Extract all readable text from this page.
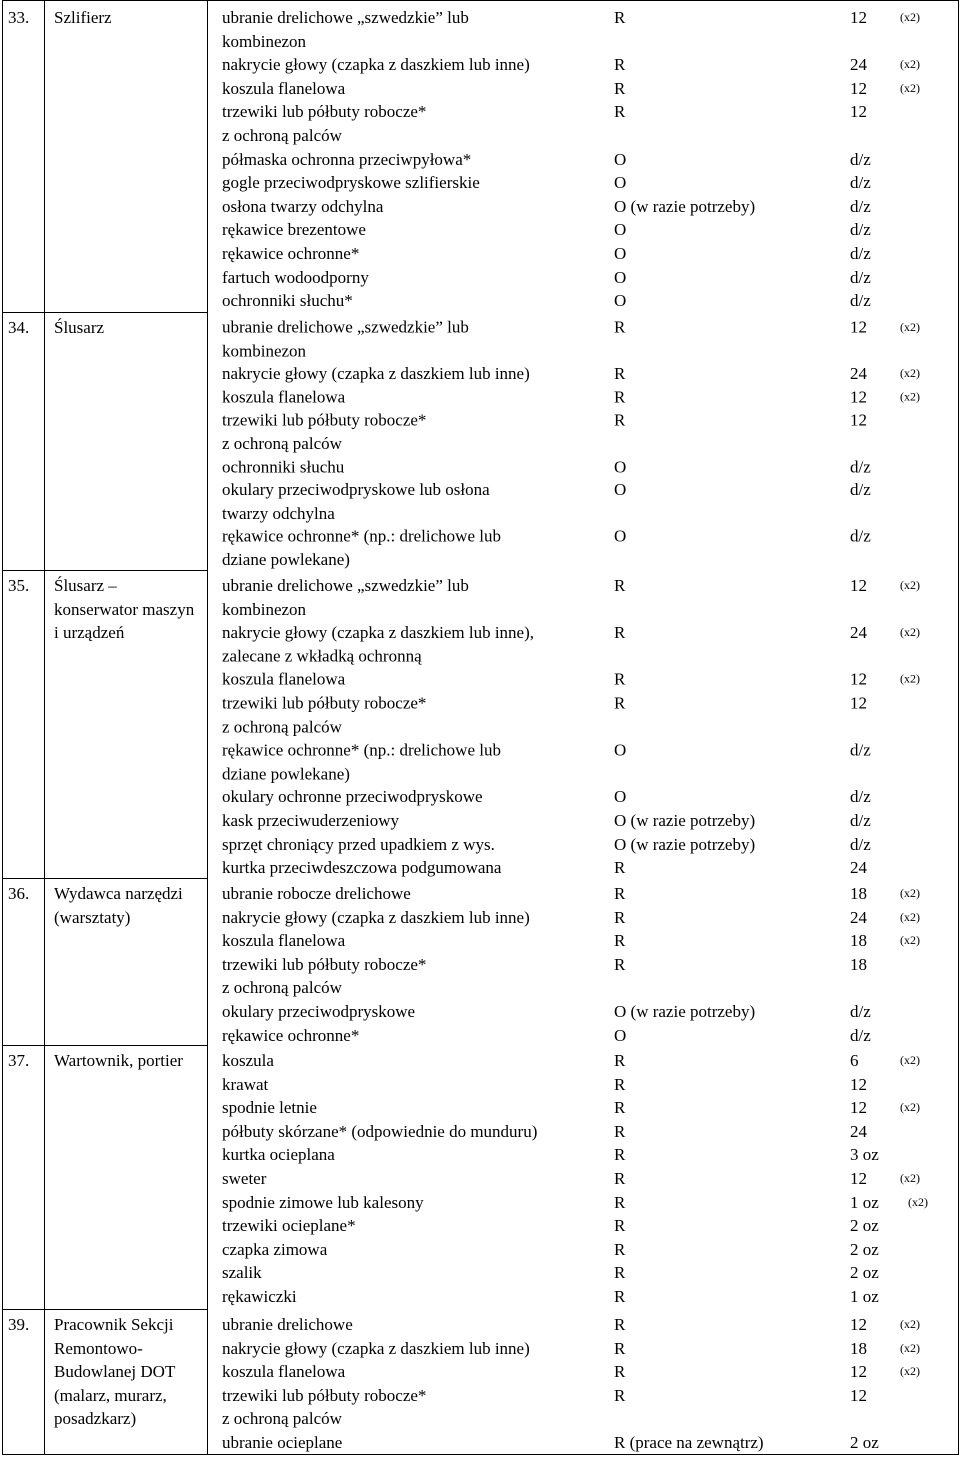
33. Szlifierz	ubranie drelichowe „szwedzkie” lub
kombinezon
R	12	(x2)
nakrycie głowy (czapka z daszkiem lub inne)	R	24	(x2)
koszula flanelowa	R	12	(x2)
trzewiki lub półbuty robocze*
z ochroną palców
R	12
półmaska ochronna przeciwpyłowa*	O	d/z
gogle przeciwodpryskowe szlifierskie	O	d/z
osłona twarzy odchylna	O (w razie potrzeby)	d/z
rękawice brezentowe	O	d/z
rękawice ochronne*	O	d/z
fartuch wodoodporny	O	d/z
ochronniki słuchu*	O	d/z
34. Ślusarz	ubranie drelichowe „szwedzkie” lub
kombinezon
R	12	(x2)
nakrycie głowy (czapka z daszkiem lub inne)	R	24	(x2)
koszula flanelowa	R	12	(x2)
trzewiki lub półbuty robocze*
z ochroną palców
R	12
ochronniki słuchu	O	d/z
okulary przeciwodpryskowe lub osłona
twarzy odchylna
O	d/z
rękawice ochronne* (np.: drelichowe lub
dziane powlekane)
O	d/z
35. Ślusarz – konserwator maszyn i urządzeń
ubranie drelichowe „szwedzkie” lub
kombinezon
R	12	(x2)
nakrycie głowy (czapka z daszkiem lub inne),
zalecane z wkładką ochronną
R	24	(x2)
koszula flanelowa	R	12	(x2)
trzewiki lub półbuty robocze*
z ochroną palców
R	12
rękawice ochronne* (np.: drelichowe lub
dziane powlekane)
O	d/z
okulary ochronne przeciwodpryskowe	O	d/z
kask przeciwuderzeniowy	O (w razie potrzeby)	d/z
sprzęt chroniący przed upadkiem z wys.	O (w razie potrzeby)	d/z
kurtka przeciwdeszczowa podgumowana	R	24
36. Wydawca narzędzi (warsztaty)
ubranie robocze drelichowe	R	18	(x2)
nakrycie głowy (czapka z daszkiem lub inne)	R	24	(x2)
koszula flanelowa	R	18	(x2)
trzewiki lub półbuty robocze*
z ochroną palców
R	18
okulary przeciwodpryskowe	O (w razie potrzeby)	d/z
rękawice ochronne*	O	d/z
37. Wartownik, portier	koszula	R	6	(x2)
krawat	R	12
spodnie letnie	R	12	(x2)
półbuty skórzane* (odpowiednie do munduru)	R	24
kurtka ocieplana	R	3 oz
sweter	R	12	(x2)
spodnie zimowe lub kalesony	R	1 oz (x2)
trzewiki ocieplane*	R	2 oz
czapka zimowa	R	2 oz
szalik	R	2 oz
rękawiczki	R	1 oz
39. Pracownik Sekcji Remontowo-Budowlanej DOT (malarz, murarz, posadzkarz)
ubranie drelichowe	R	12	(x2)
nakrycie głowy (czapka z daszkiem lub inne)	R	18	(x2)
koszula flanelowa	R	12	(x2)
trzewiki lub półbuty robocze*
z ochroną palców
R	12
ubranie ocieplane	R (prace na zewnątrz)	2 oz
